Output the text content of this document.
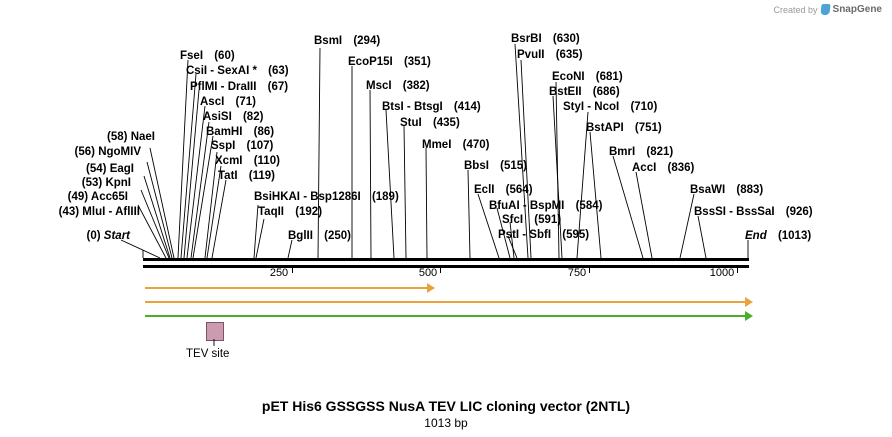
Created by SnapGene
(43) MluI - AflIII
(49) Acc65I
(53) KpnI
(54) EagI
(56) NgoMIV
(58) NaeI
(0) Start
FseI (60)
CsiI - SexAI * (63)
PflMI - DraIII (67)
AscI (71)
AsiSI (82)
BamHI (86)
SspI (107)
XcmI (110)
TatI (119)
BsiHKAI - Bsp1286I (189)
TaqII (192)
BglII (250)
BsmI (294)
EcoP15I (351)
MscI (382)
BtsI - BtsgI (414)
StuI (435)
MmeI (470)
BbsI (515)
EclI (564)
BfuAI - BspMI (584)
SfcI (591)
PstI - SbfI (595)
BsrBI (630)
PvuII (635)
EcoNI (681)
BstEII (686)
StyI - NcoI (710)
BstAPI (751)
BmrI (821)
AccI (836)
BsaWI (883)
BssSI - BssSaI (926)
End (1013)
250	500	750	1000
TEV site
pET His6 GSSGSS NusA TEV LIC cloning vector (2NTL)
1013 bp
